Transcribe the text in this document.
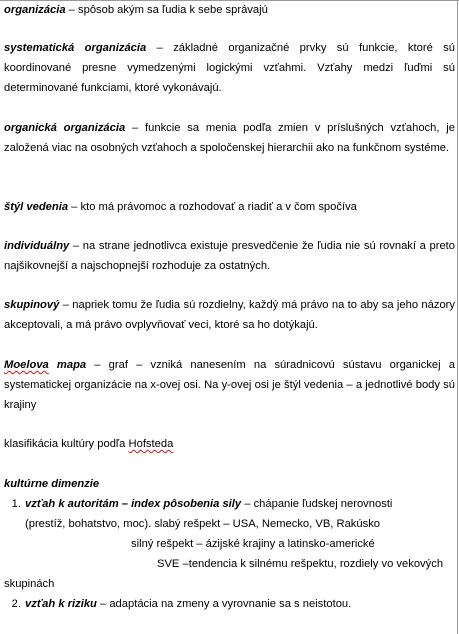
organizácia – spôsob akým sa ľudia k sebe správajú

systematická organizácia – základné organizačné prvky sú funkcie, ktoré sú koordinované presne vymedzenými logickými vzťahmi. Vzťahy medzi ľuďmi sú determinované funkciami, ktoré vykonávajú.

organická organizácia – funkcie sa menia podľa zmien v príslušných vzťahoch, je založená viac na osobných vzťahoch a spoločenskej hierarchii ako na funkčnom systéme.

štýl vedenia – kto má právomoc a rozhodovať a riadiť a v čom spočíva

individuálny – na strane jednotlivca existuje presvedčenie že ľudia nie sú rovnakí a preto najšikovnejší a najschopnejší rozhoduje za ostatných.

skupinový – napriek tomu že ľudia sú rozdielny, každý má právo na to aby sa jeho názory akceptovali, a má právo ovplyvňovať veci, ktoré sa ho dotýkajú.

Moelova mapa – graf – vzniká nanesením na súradnicovú sústavu organickej a systematickej organizácie na x-ovej osi. Na y-ovej osi je štýl vedenia – a jednotlivé body sú krajiny

klasifikácia kultúry podľa Hofsteda

kultúrne dimenzie

1. vzťah k autoritám – index pôsobenia sily – chápanie ľudskej nerovnosti

(prestíž, bohatstvo, moc). slabý rešpekt – USA, Nemecko, VB, Rakúsko

silný rešpekt – ázijské krajiny a latinsko-americké

SVE –tendencia k silnému rešpektu, rozdiely vo vekových

skupinách

2. vzťah k riziku – adaptácia na zmeny a vyrovnanie sa s neistotou.
